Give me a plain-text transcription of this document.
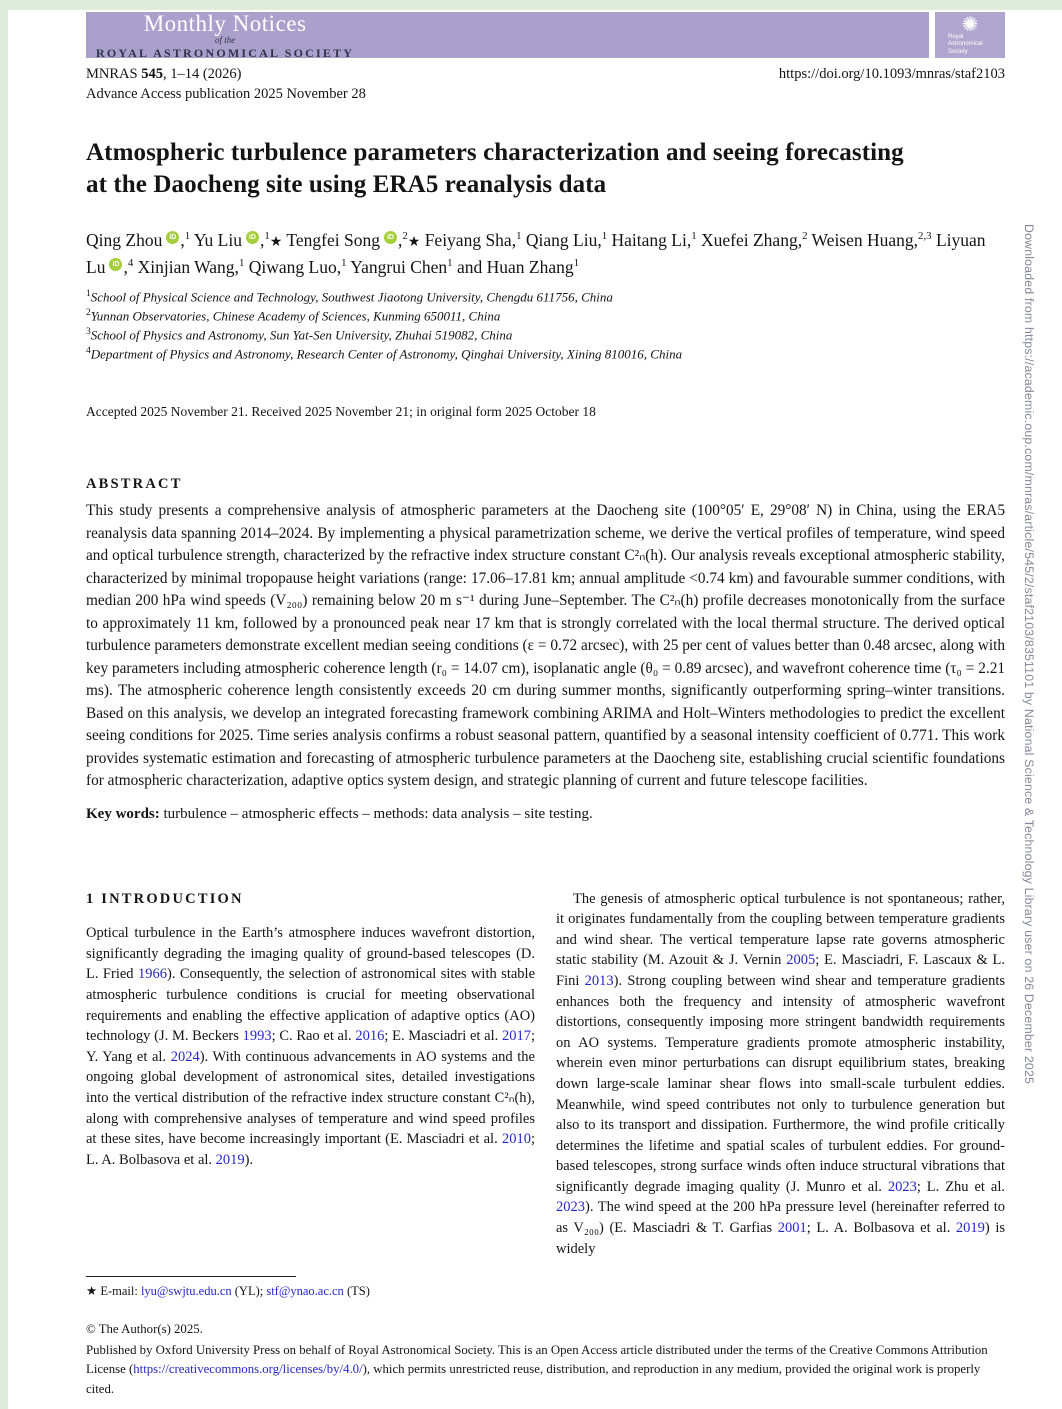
Downloaded from https://academic.oup.com/mnras/article/545/2/staf2103/8351101 by National Science & Technology Library user on 26 December 2025
Monthly Notices
of the
ROYAL ASTRONOMICAL SOCIETY
✺
Royal Astronomical Society
MNRAS 545, 1–14 (2026)	https://doi.org/10.1093/mnras/staf2103
Advance Access publication 2025 November 28
Atmospheric turbulence parameters characterization and seeing forecasting at the Daocheng site using ERA5 reanalysis data
Qing Zhou iD ,$^1$ Yu Liu iD ,$^1$★ Tengfei Song iD ,$^2$★ Feiyang Sha,$^1$ Qiang Liu,$^1$ Haitang Li,$^1$ Xuefei Zhang,$^2$ Weisen Huang,$^{2,3}$ Liyuan Lu iD ,$^4$ Xinjian Wang,$^1$ Qiwang Luo,$^1$ Yangrui Chen$^1$ and Huan Zhang$^1$
$^1$School of Physical Science and Technology, Southwest Jiaotong University, Chengdu 611756, China
$^2$Yunnan Observatories, Chinese Academy of Sciences, Kunming 650011, China
$^3$School of Physics and Astronomy, Sun Yat-Sen University, Zhuhai 519082, China
$^4$Department of Physics and Astronomy, Research Center of Astronomy, Qinghai University, Xining 810016, China
Accepted 2025 November 21. Received 2025 November 21; in original form 2025 October 18
ABSTRACT

This study presents a comprehensive analysis of atmospheric parameters at the Daocheng site (100°05′ E, 29°08′ N) in China, using the ERA5 reanalysis data spanning 2014–2024. By implementing a physical parametrization scheme, we derive the vertical profiles of temperature, wind speed and optical turbulence strength, characterized by the refractive index structure constant C²ₙ(h). Our analysis reveals exceptional atmospheric stability, characterized by minimal tropopause height variations (range: 17.06–17.81 km; annual amplitude <0.74 km) and favourable summer conditions, with median 200 hPa wind speeds (V₂₀₀) remaining below 20 m s⁻¹ during June–September. The C²ₙ(h) profile decreases monotonically from the surface to approximately 11 km, followed by a pronounced peak near 17 km that is strongly correlated with the local thermal structure. The derived optical turbulence parameters demonstrate excellent median seeing conditions (ε = 0.72 arcsec), with 25 per cent of values better than 0.48 arcsec, along with key parameters including atmospheric coherence length (r₀ = 14.07 cm), isoplanatic angle (θ₀ = 0.89 arcsec), and wavefront coherence time (τ₀ = 2.21 ms). The atmospheric coherence length consistently exceeds 20 cm during summer months, significantly outperforming spring–winter transitions. Based on this analysis, we develop an integrated forecasting framework combining ARIMA and Holt–Winters methodologies to predict the excellent seeing conditions for 2025. Time series analysis confirms a robust seasonal pattern, quantified by a seasonal intensity coefficient of 0.771. This work provides systematic estimation and forecasting of atmospheric turbulence parameters at the Daocheng site, establishing crucial scientific foundations for atmospheric characterization, adaptive optics system design, and strategic planning of current and future telescope facilities.

Key words: turbulence – atmospheric effects – methods: data analysis – site testing.
1 INTRODUCTION

Optical turbulence in the Earth’s atmosphere induces wavefront distortion, significantly degrading the imaging quality of ground-based telescopes (D. L. Fried 1966). Consequently, the selection of astronomical sites with stable atmospheric turbulence conditions is crucial for meeting observational requirements and enabling the effective application of adaptive optics (AO) technology (J. M. Beckers 1993; C. Rao et al. 2016; E. Masciadri et al. 2017; Y. Yang et al. 2024). With continuous advancements in AO systems and the ongoing global development of astronomical sites, detailed investigations into the vertical distribution of the refractive index structure constant C²ₙ(h), along with comprehensive analyses of temperature and wind speed profiles at these sites, have become increasingly important (E. Masciadri et al. 2010; L. A. Bolbasova et al. 2019).

The genesis of atmospheric optical turbulence is not spontaneous; rather, it originates fundamentally from the coupling between temperature gradients and wind shear. The vertical temperature lapse rate governs atmospheric static stability (M. Azouit & J. Vernin 2005; E. Masciadri, F. Lascaux & L. Fini 2013). Strong coupling between wind shear and temperature gradients enhances both the frequency and intensity of atmospheric wavefront distortions, consequently imposing more stringent bandwidth requirements on AO systems. Temperature gradients promote atmospheric instability, wherein even minor perturbations can disrupt equilibrium states, breaking down large-scale laminar shear flows into small-scale turbulent eddies. Meanwhile, wind speed contributes not only to turbulence generation but also to its transport and dissipation. Furthermore, the wind profile critically determines the lifetime and spatial scales of turbulent eddies. For ground-based telescopes, strong surface winds often induce structural vibrations that significantly degrade imaging quality (J. Munro et al. 2023; L. Zhu et al. 2023). The wind speed at the 200 hPa pressure level (hereinafter referred to as V₂₀₀) (E. Masciadri & T. Garfias 2001; L. A. Bolbasova et al. 2019) is widely

★ E-mail: lyu@swjtu.edu.cn (YL); stf@ynao.ac.cn (TS)

© The Author(s) 2025.

Published by Oxford University Press on behalf of Royal Astronomical Society. This is an Open Access article distributed under the terms of the Creative Commons Attribution License (https://creativecommons.org/licenses/by/4.0/), which permits unrestricted reuse, distribution, and reproduction in any medium, provided the original work is properly cited.
